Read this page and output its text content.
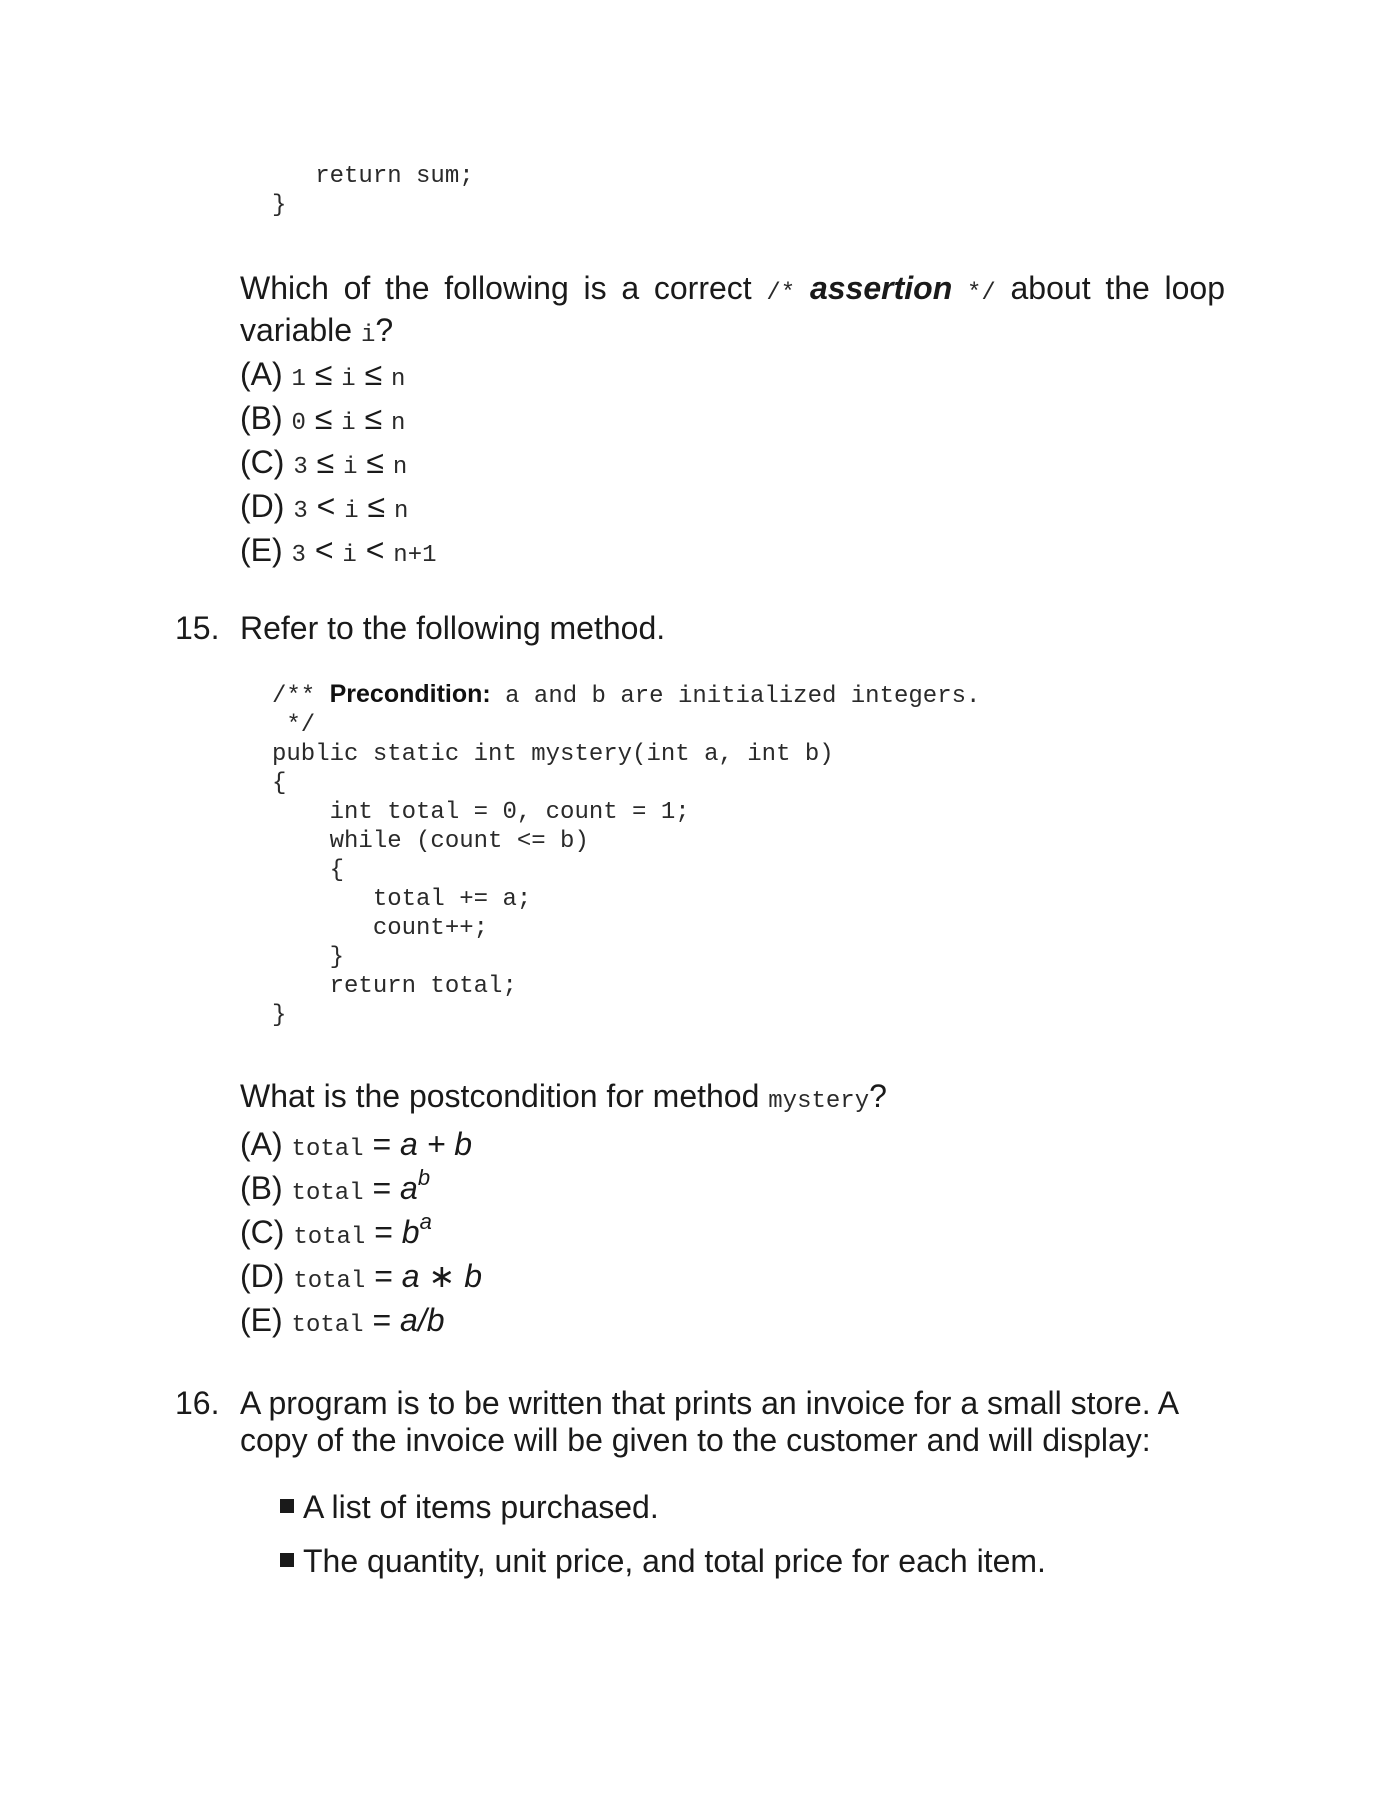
return sum;
}
Which of the following is a correct /* assertion */ about the loop variable i?
(A) 1 ≤ i ≤ n
(B) 0 ≤ i ≤ n
(C) 3 ≤ i ≤ n
(D) 3 < i ≤ n
(E) 3 < i < n+1
15. Refer to the following method.
/** Precondition: a and b are initialized integers.
*/
public static int mystery(int a, int b)
{
int total = 0, count = 1;
while (count <= b)
{
total += a;
count++;
}
return total;
}
What is the postcondition for method mystery?
(A) total = a + b
(B) total = $a^b$
(C) total = $b^a$
(D) total = a ∗ b
(E) total = a/b
16. A program is to be written that prints an invoice for a small store. A copy of the invoice will be given to the customer and will display:
A list of items purchased.
The quantity, unit price, and total price for each item.
